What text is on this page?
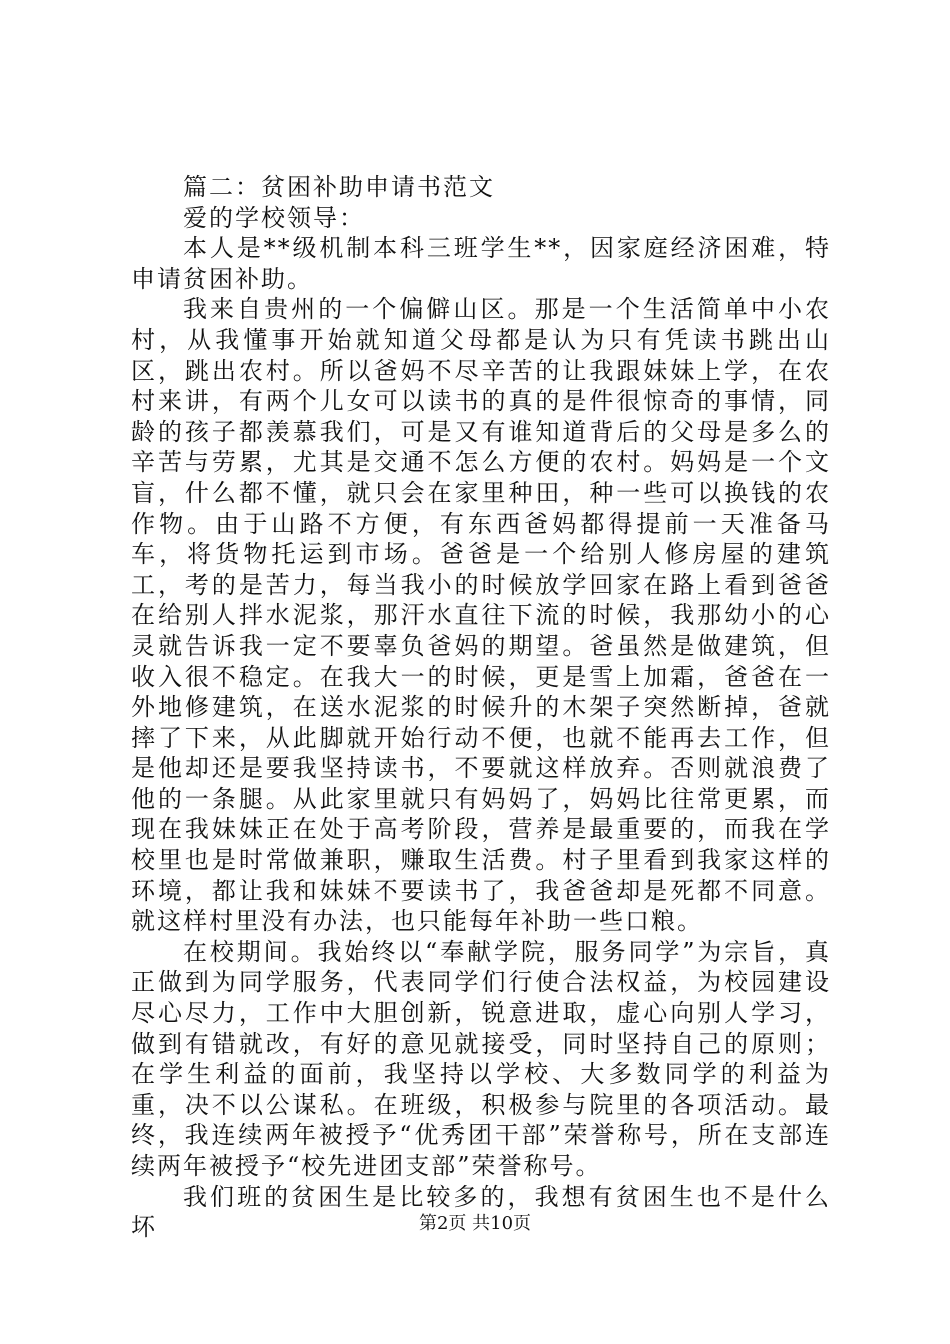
篇二：贫困补助申请书范文

爱的学校领导：

本人是**级机制本科三班学生**，因家庭经济困难，特申请贫困补助。

我来自贵州的一个偏僻山区。那是一个生活简单中小农村，从我懂事开始就知道父母都是认为只有凭读书跳出山区，跳出农村。所以爸妈不尽辛苦的让我跟妹妹上学，在农村来讲，有两个儿女可以读书的真的是件很惊奇的事情，同龄的孩子都羡慕我们，可是又有谁知道背后的父母是多么的辛苦与劳累，尤其是交通不怎么方便的农村。妈妈是一个文盲，什么都不懂，就只会在家里种田，种一些可以换钱的农作物。由于山路不方便，有东西爸妈都得提前一天准备马车，将货物托运到市场。爸爸是一个给别人修房屋的建筑工，考的是苦力，每当我小的时候放学回家在路上看到爸爸在给别人拌水泥浆，那汗水直往下流的时候，我那幼小的心灵就告诉我一定不要辜负爸妈的期望。爸虽然是做建筑，但收入很不稳定。在我大一的时候，更是雪上加霜，爸爸在一外地修建筑，在送水泥浆的时候升的木架子突然断掉，爸就摔了下来，从此脚就开始行动不便，也就不能再去工作，但是他却还是要我坚持读书，不要就这样放弃。否则就浪费了他的一条腿。从此家里就只有妈妈了，妈妈比往常更累，而现在我妹妹正在处于高考阶段，营养是最重要的，而我在学校里也是时常做兼职，赚取生活费。村子里看到我家这样的环境，都让我和妹妹不要读书了，我爸爸却是死都不同意。就这样村里没有办法，也只能每年补助一些口粮。

在校期间。我始终以“奉献学院，服务同学”为宗旨，真正做到为同学服务，代表同学们行使合法权益，为校园建设尽心尽力，工作中大胆创新，锐意进取，虚心向别人学习，做到有错就改，有好的意见就接受，同时坚持自己的原则；在学生利益的面前，我坚持以学校、大多数同学的利益为重，决不以公谋私。在班级，积极参与院里的各项活动。最终，我连续两年被授予“优秀团干部”荣誉称号，所在支部连续两年被授予“校先进团支部”荣誉称号。

我们班的贫困生是比较多的，我想有贫困生也不是什么坏	第2页 共10页
